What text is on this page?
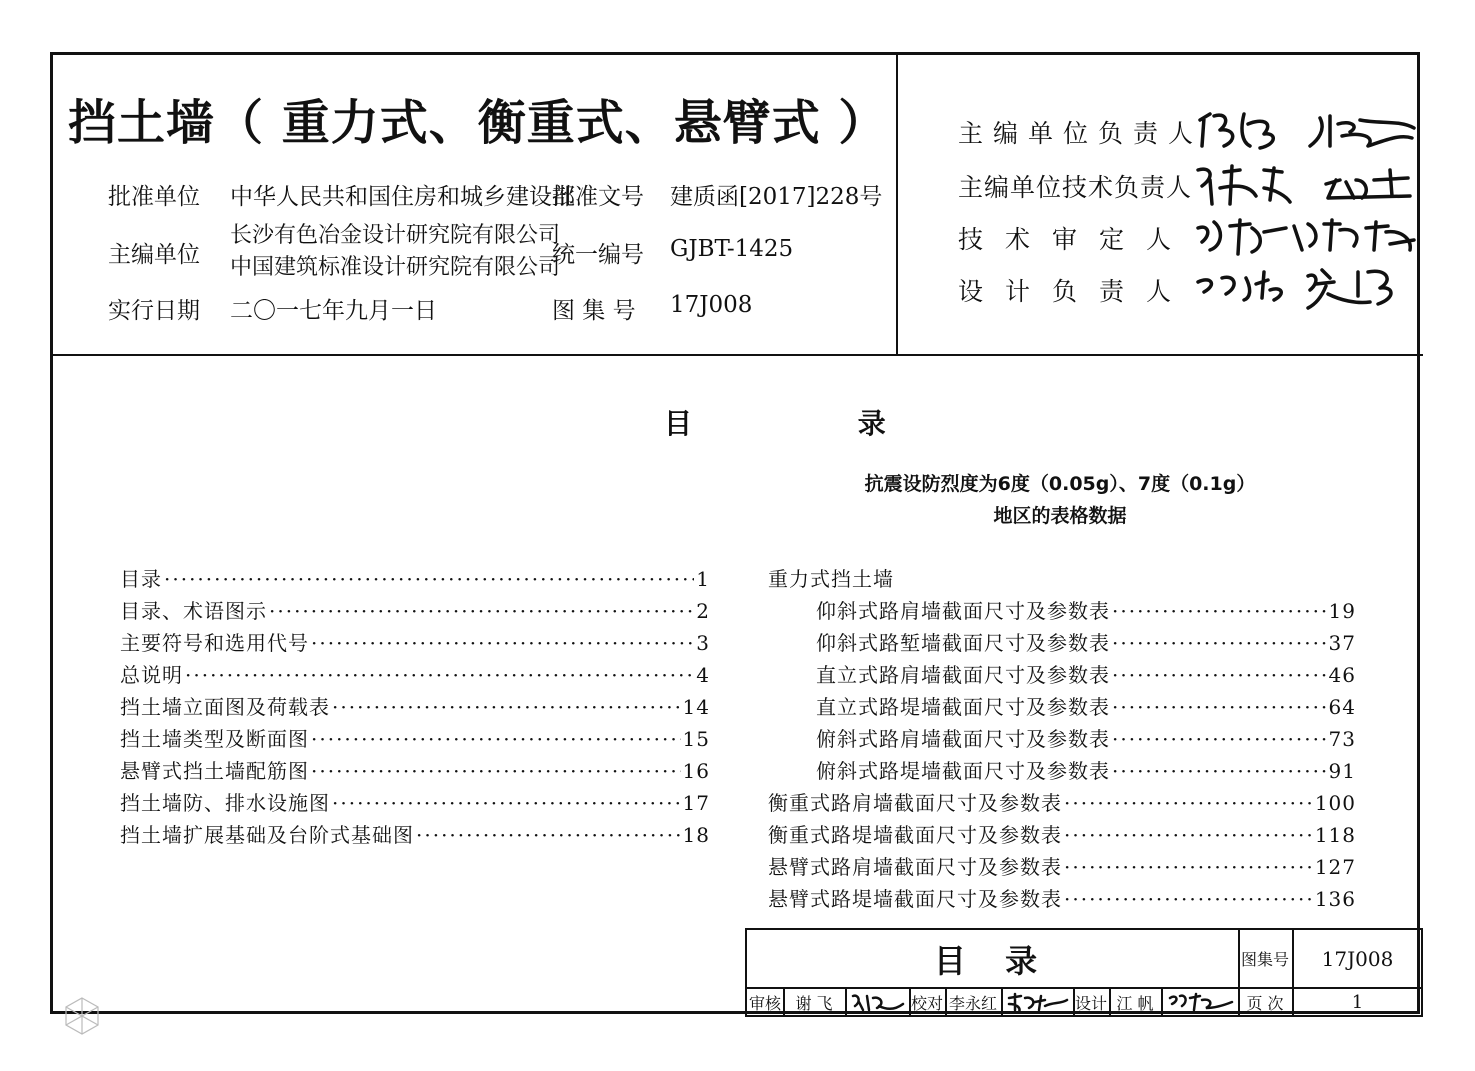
挡土墙（ 重力式、衡重式、悬臂式 ）
批准单位 中华人民共和国住房和城乡建设部
批准文号 建质函[2017]228号
主编单位
长沙有色冶金设计研究院有限公司
中国建筑标准设计研究院有限公司
统一编号 GJBT-1425
实行日期 二〇一七年九月一日	图 集 号 17J008
主编单位负责人
主编单位技术负责人
技术审定人
设计负责人
目 录
抗震设防烈度为6度（0.05g）、7度（0.1g）
地区的表格数据
目录 ·····	1
目录、术语图示 ·····	2
主要符号和选用代号 ·····	3
总说明 ·····	4
挡土墙立面图及荷载表 ·····	14
挡土墙类型及断面图 ·····	15
悬臂式挡土墙配筋图 ·····	16
挡土墙防、排水设施图 ·····	17
挡土墙扩展基础及台阶式基础图 ·····	18
重力式挡土墙
仰斜式路肩墙截面尺寸及参数表 ·····	19
仰斜式路堑墙截面尺寸及参数表 ·····	37
直立式路肩墙截面尺寸及参数表 ·····	46
直立式路堤墙截面尺寸及参数表 ·····	64
俯斜式路肩墙截面尺寸及参数表 ·····	73
俯斜式路堤墙截面尺寸及参数表 ·····	91
衡重式路肩墙截面尺寸及参数表 ·····	100
衡重式路堤墙截面尺寸及参数表 ·····	118
悬臂式路肩墙截面尺寸及参数表 ·····	127
悬臂式路堤墙截面尺寸及参数表 ·····	136
目 录	图集号	17J008
审核 谢 飞	校对 李永红	设计 江 帆	页 次	1
